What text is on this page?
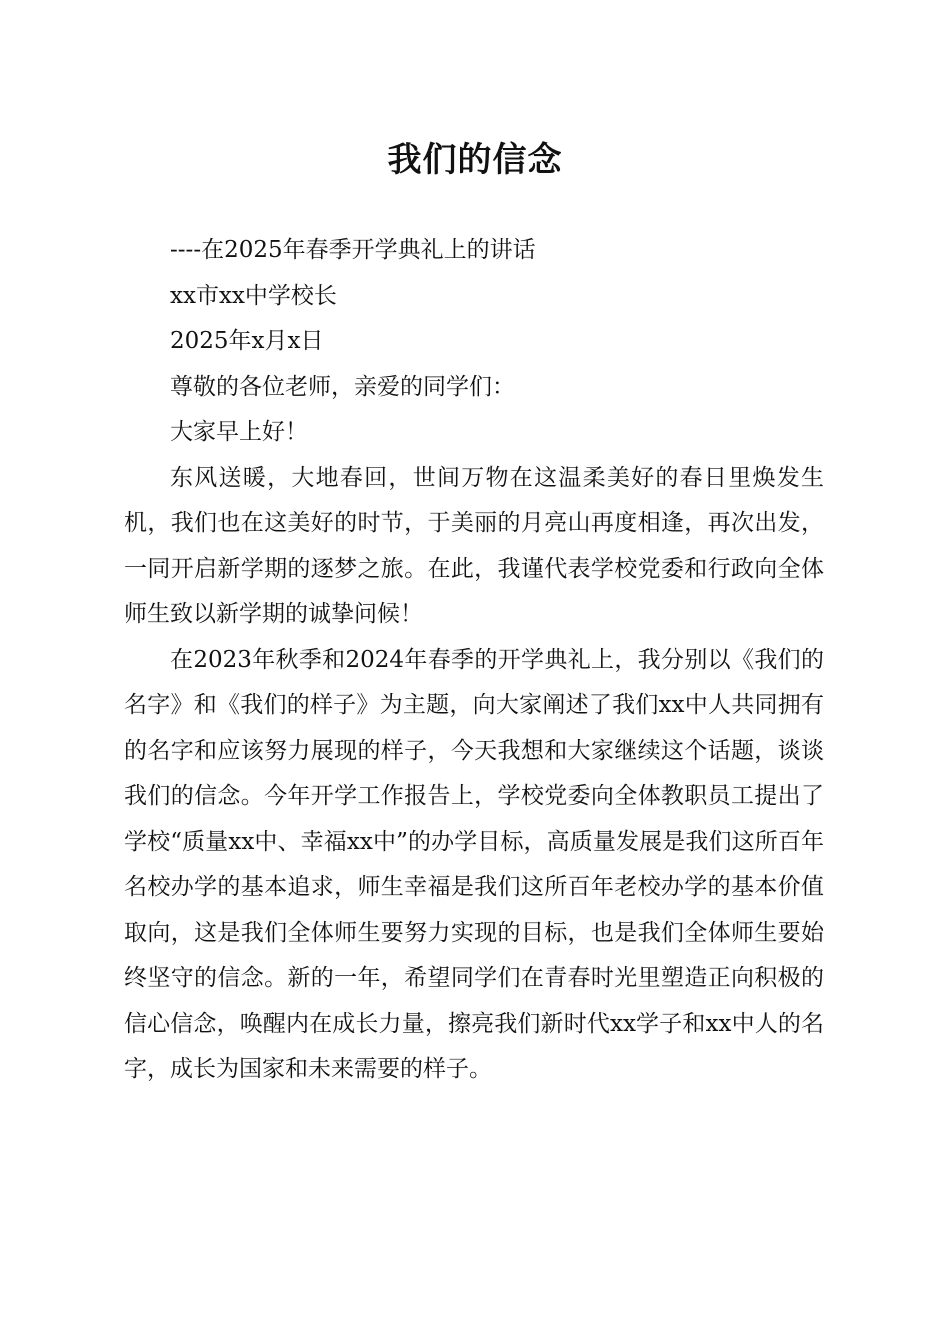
我们的信念

----在2025年春季开学典礼上的讲话

xx市xx中学校长

2025年x月x日

尊敬的各位老师，亲爱的同学们：

大家早上好！

东风送暖，大地春回，世间万物在这温柔美好的春日里焕发生机，我们也在这美好的时节，于美丽的月亮山再度相逢，再次出发，一同开启新学期的逐梦之旅。在此，我谨代表学校党委和行政向全体师生致以新学期的诚挚问候！

在2023年秋季和2024年春季的开学典礼上，我分别以《我们的名字》和《我们的样子》为主题，向大家阐述了我们xx中人共同拥有的名字和应该努力展现的样子，今天我想和大家继续这个话题，谈谈我们的信念。今年开学工作报告上，学校党委向全体教职员工提出了学校“质量xx中、幸福xx中”的办学目标，高质量发展是我们这所百年名校办学的基本追求，师生幸福是我们这所百年老校办学的基本价值取向，这是我们全体师生要努力实现的目标，也是我们全体师生要始终坚守的信念。新的一年，希望同学们在青春时光里塑造正向积极的信心信念，唤醒内在成长力量，擦亮我们新时代xx学子和xx中人的名字，成长为国家和未来需要的样子。
